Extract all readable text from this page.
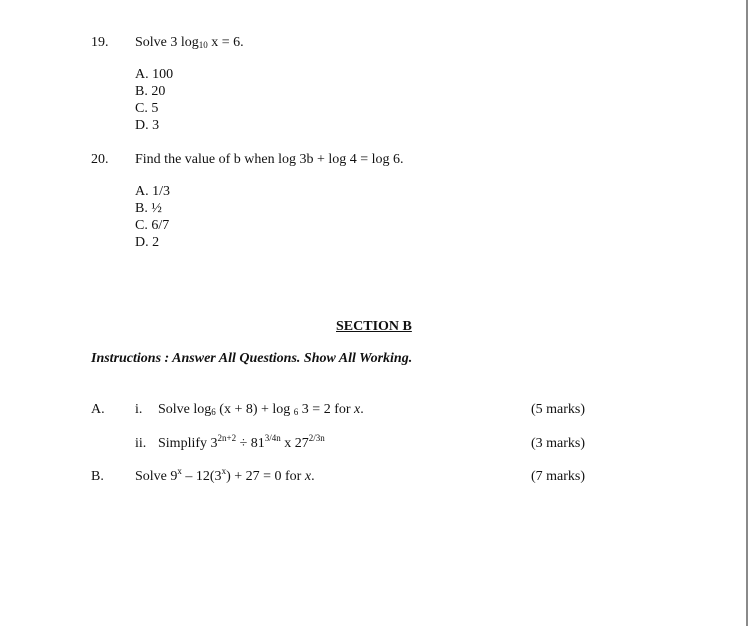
19. Solve 3 log10 x = 6.
A. 100
B. 20
C. 5
D. 3
20. Find the value of b when log 3b + log 4 = log 6.
A. 1/3
B. ½
C. 6/7
D. 2
SECTION B
Instructions : Answer All Questions. Show All Working.
A. i. Solve log6 (x + 8) + log 6 3 = 2 for x.	(5 marks)
ii. Simplify $3^{2n+2} \div 81^{3/4n}$ x $27^{2/3n}$	(3 marks)
B. Solve $9^x - 12(3^x) + 27 = 0$ for x.	(7 marks)
